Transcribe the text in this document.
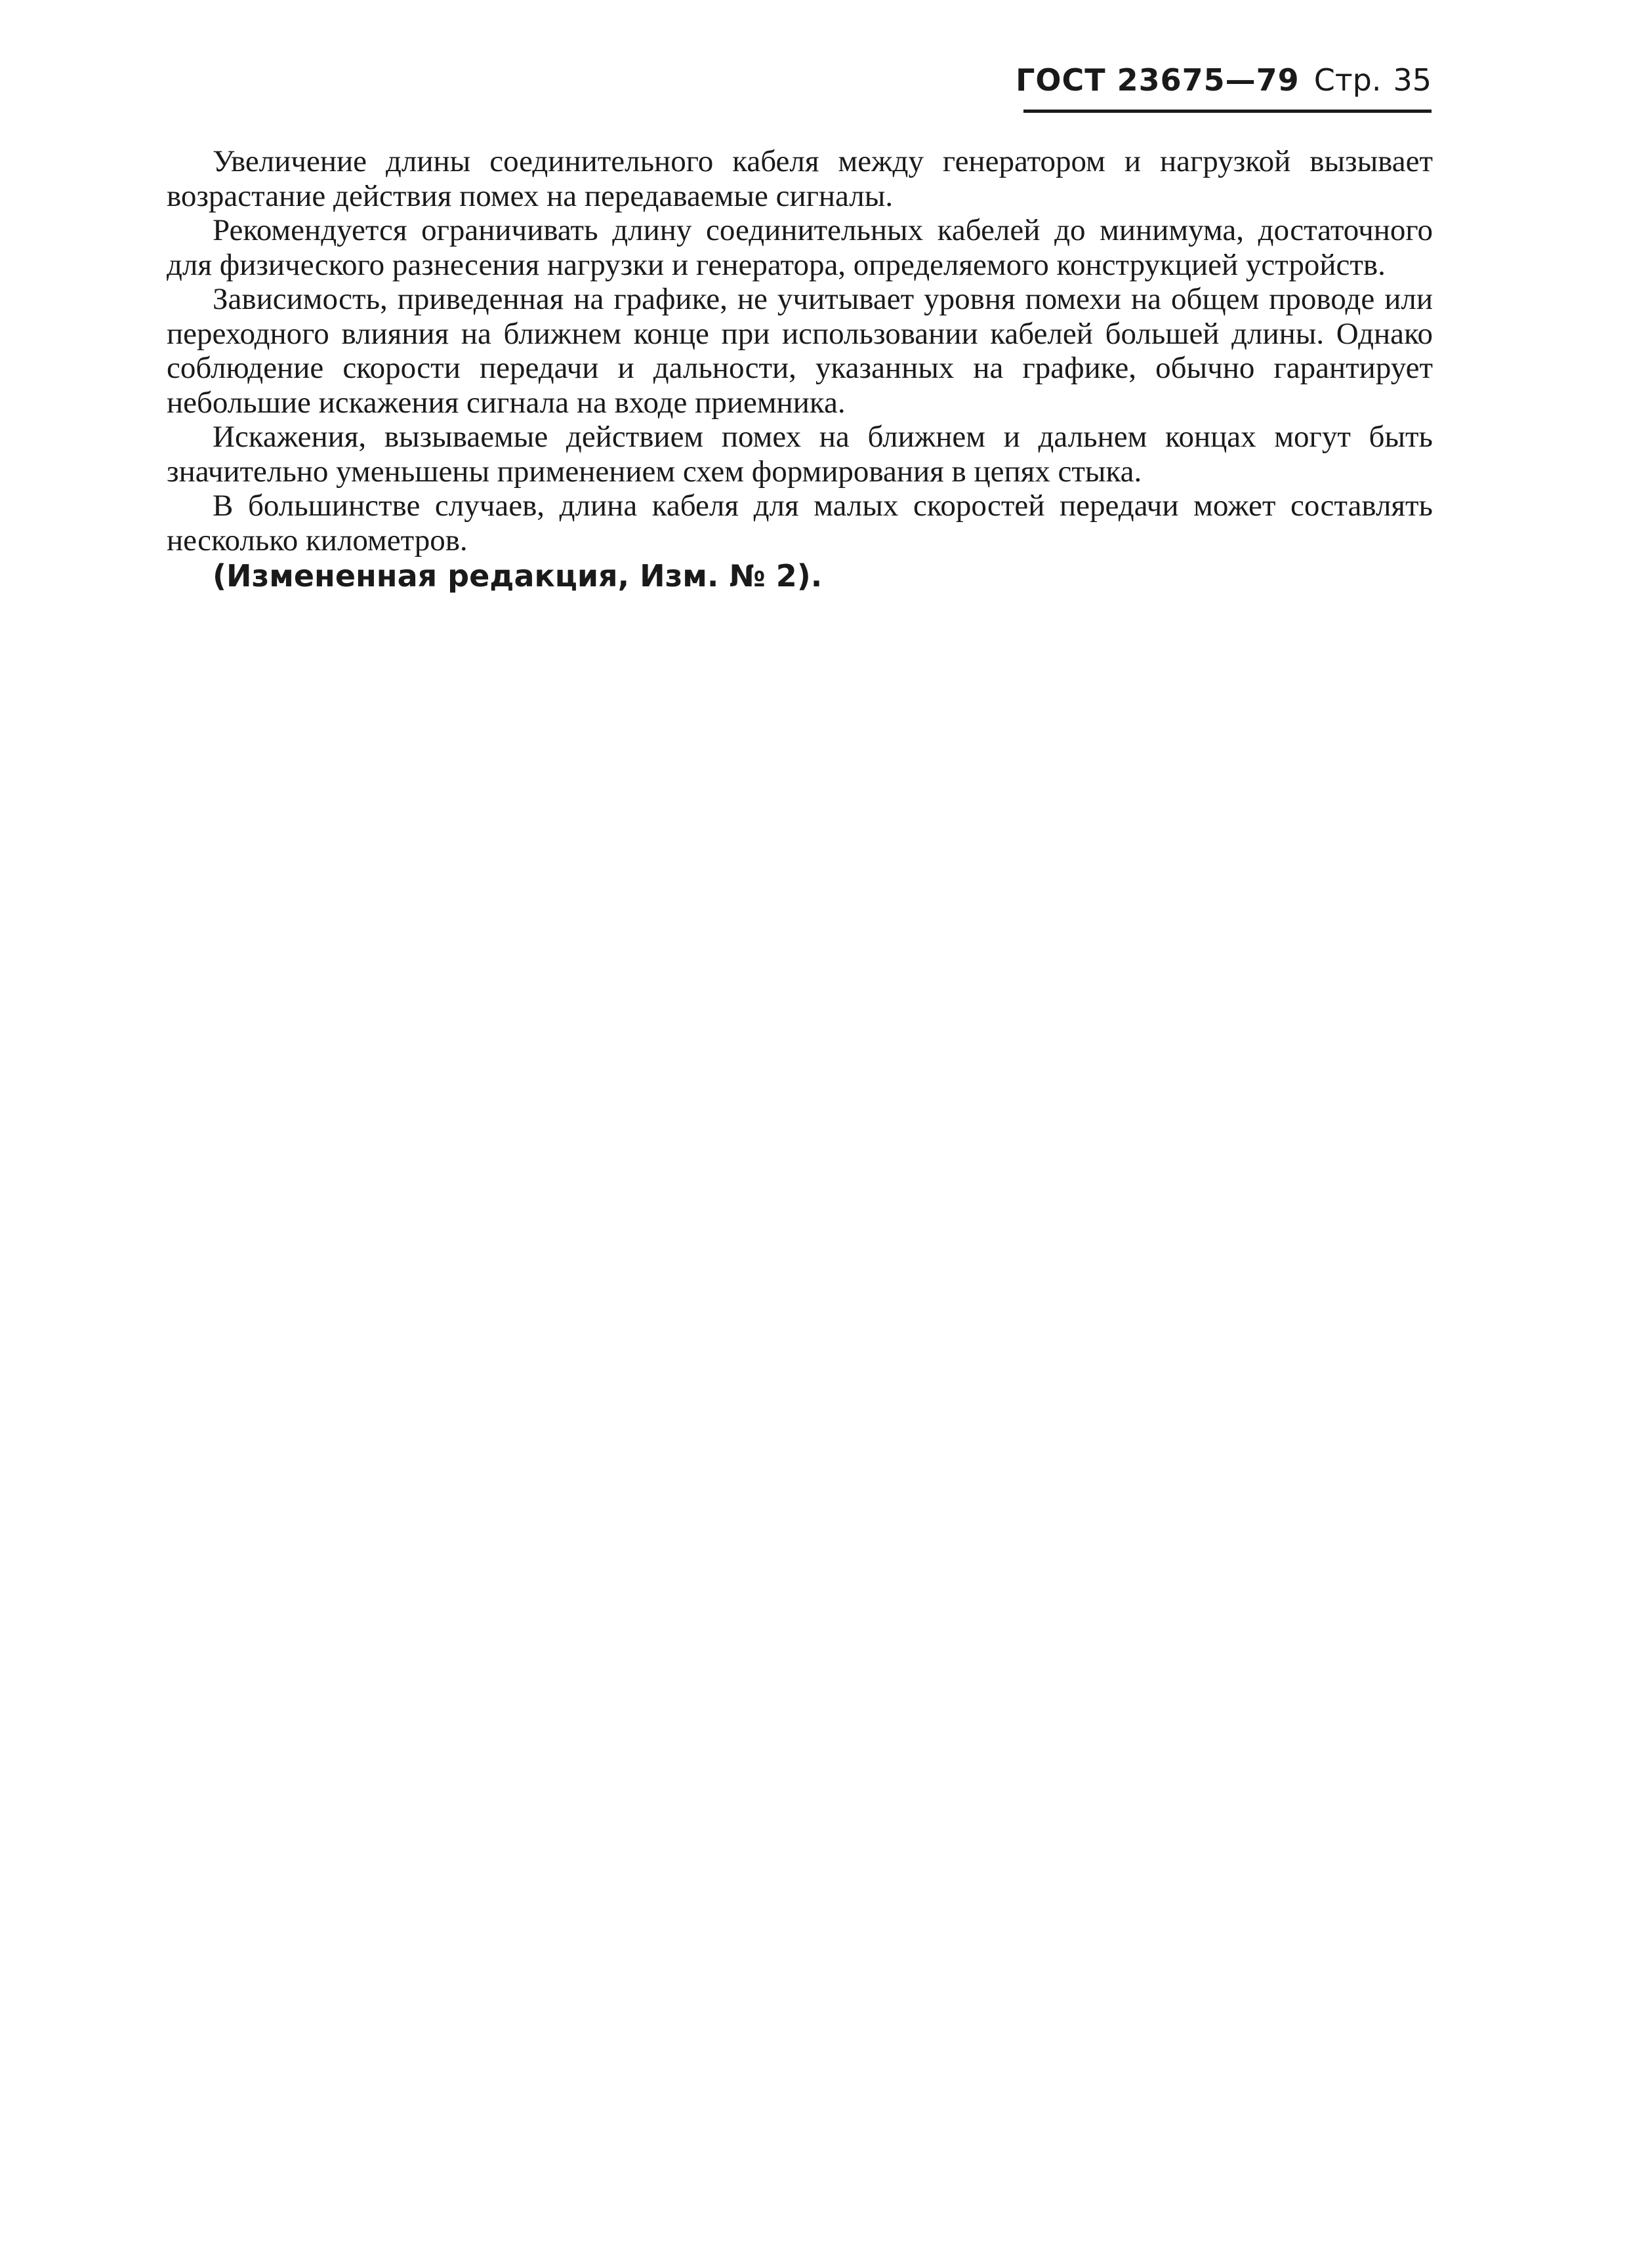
ГОСТ 23675—79 Стр. 35

Увеличение длины соединительного кабеля между генератором и нагрузкой вызывает возрастание действия помех на передаваемые сигналы.

Рекомендуется ограничивать длину соединительных кабелей до минимума, достаточного для физического разнесения нагрузки и генератора, определяемого конструкцией устройств.

Зависимость, приведенная на графике, не учитывает уровня помехи на общем проводе или переходного влияния на ближнем конце при использовании кабелей большей длины. Однако соблюдение скорости передачи и дальности, указанных на графике, обычно гарантирует небольшие искажения сигнала на входе приемника.

Искажения, вызываемые действием помех на ближнем и дальнем концах могут быть значительно уменьшены применением схем формирования в цепях стыка.

В большинстве случаев, длина кабеля для малых скоростей передачи может составлять несколько километров.

(Измененная редакция, Изм. № 2).
